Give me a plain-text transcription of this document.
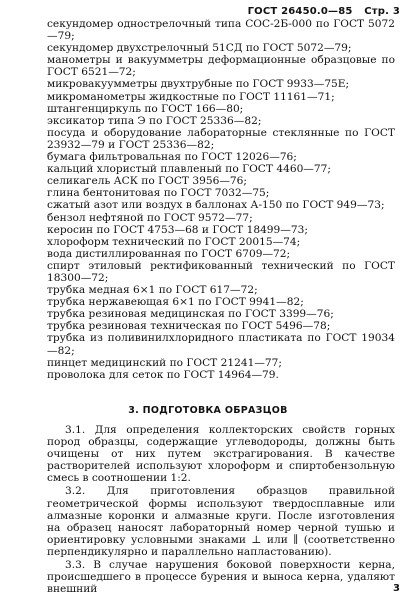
ГОСТ 26450.0—85 Стр. 3
секундомер однострелочный типа СОС-2Б-000 по ГОСТ 5072—79;
секундомер двухстрелочный 51СД по ГОСТ 5072—79;
манометры и вакуумметры деформационные образцовые по ГОСТ 6521—72;
микровакуумметры двухтрубные по ГОСТ 9933—75Е;
микроманометры жидкостные по ГОСТ 11161—71;
штангенциркуль по ГОСТ 166—80;
эксикатор типа Э по ГОСТ 25336—82;
посуда и оборудование лабораторные стеклянные по ГОСТ 23932—79 и ГОСТ 25336—82;
бумага фильтровальная по ГОСТ 12026—76;
кальций хлористый плавленый по ГОСТ 4460—77;
селикагель АСК по ГОСТ 3956—76;
глина бентонитовая по ГОСТ 7032—75;
сжатый азот или воздух в баллонах А-150 по ГОСТ 949—73;
бензол нефтяной по ГОСТ 9572—77;
керосин по ГОСТ 4753—68 и ГОСТ 18499—73;
хлороформ технический по ГОСТ 20015—74;
вода дистиллированная по ГОСТ 6709—72;
спирт этиловый ректификованный технический по ГОСТ 18300—72;
трубка медная 6×1 по ГОСТ 617—72;
трубка нержавеющая 6×1 по ГОСТ 9941—82;
трубка резиновая медицинская по ГОСТ 3399—76;
трубка резиновая техническая по ГОСТ 5496—78;
трубка из поливинилхлоридного пластиката по ГОСТ 19034—82;
пинцет медицинский по ГОСТ 21241—77;
проволока для сеток по ГОСТ 14964—79.
3. ПОДГОТОВКА ОБРАЗЦОВ

3.1. Для определения коллекторских свойств горных пород образцы, содержащие углеводороды, должны быть очищены от них путем экстрагирования. В качестве растворителей используют хлороформ и спиртобензольную смесь в соотношении 1:2.

3.2. Для приготовления образцов правильной геометрической формы используют твердосплавные или алмазные коронки и алмазные круги. После изготовления на образец наносят лабораторный номер черной тушью и ориентировку условными знаками ⊥ или ∥ (соответственно перпендикулярно и параллельно напластованию).

3.3. В случае нарушения боковой поверхности керна, происшедшего в процессе бурения и выноса керна, удаляют внешний	3
